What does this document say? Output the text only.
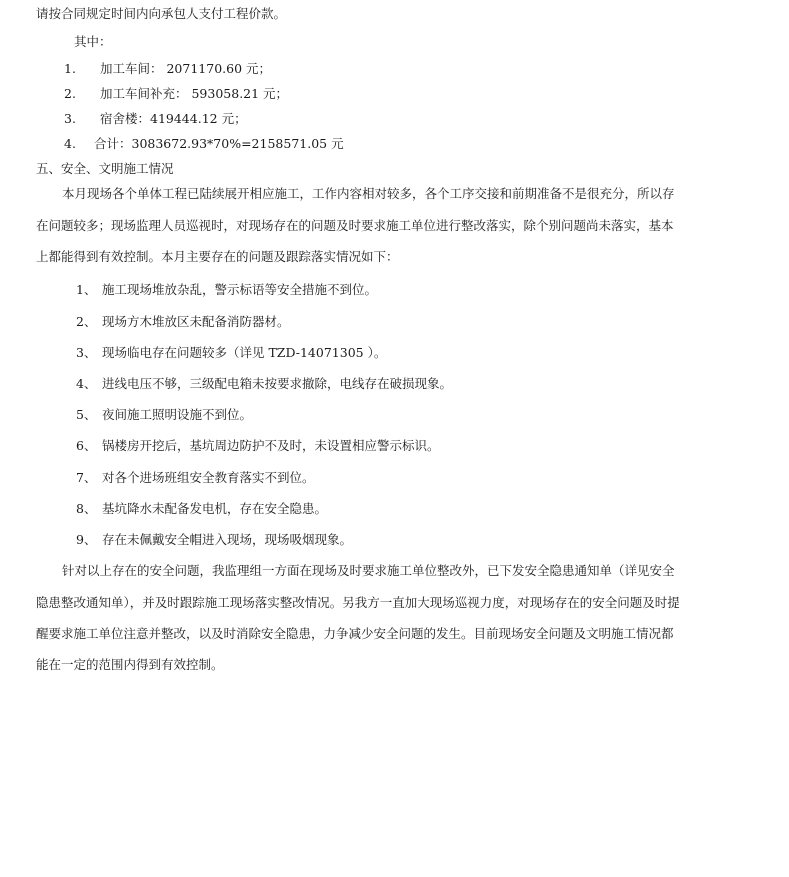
请按合同规定时间内向承包人支付工程价款。
其中：
1. 加工车间： 2071170.60 元；
2. 加工车间补充： 593058.21 元；
3. 宿舍楼：419444.12 元；
4. 合计：3083672.93*70%=2158571.05 元
五、安全、文明施工情况
本月现场各个单体工程已陆续展开相应施工，工作内容相对较多，各个工序交接和前期准备不是很充分，所以存
在问题较多；现场监理人员巡视时，对现场存在的问题及时要求施工单位进行整改落实，除个别问题尚未落实，基本
上都能得到有效控制。本月主要存在的问题及跟踪落实情况如下：
1、 施工现场堆放杂乱，警示标语等安全措施不到位。
2、 现场方木堆放区未配备消防器材。
3、 现场临电存在问题较多（详见 TZD-14071305 ）。
4、 进线电压不够，三级配电箱未按要求撤除，电线存在破损现象。
5、 夜间施工照明设施不到位。
6、 锅楼房开挖后，基坑周边防护不及时，未设置相应警示标识。
7、 对各个进场班组安全教育落实不到位。
8、 基坑降水未配备发电机，存在安全隐患。
9、 存在未佩戴安全帽进入现场，现场吸烟现象。
针对以上存在的安全问题，我监理组一方面在现场及时要求施工单位整改外，已下发安全隐患通知单（详见安全
隐患整改通知单），并及时跟踪施工现场落实整改情况。另我方一直加大现场巡视力度，对现场存在的安全问题及时提
醒要求施工单位注意并整改，以及时消除安全隐患，力争减少安全问题的发生。目前现场安全问题及文明施工情况都
能在一定的范围内得到有效控制。
